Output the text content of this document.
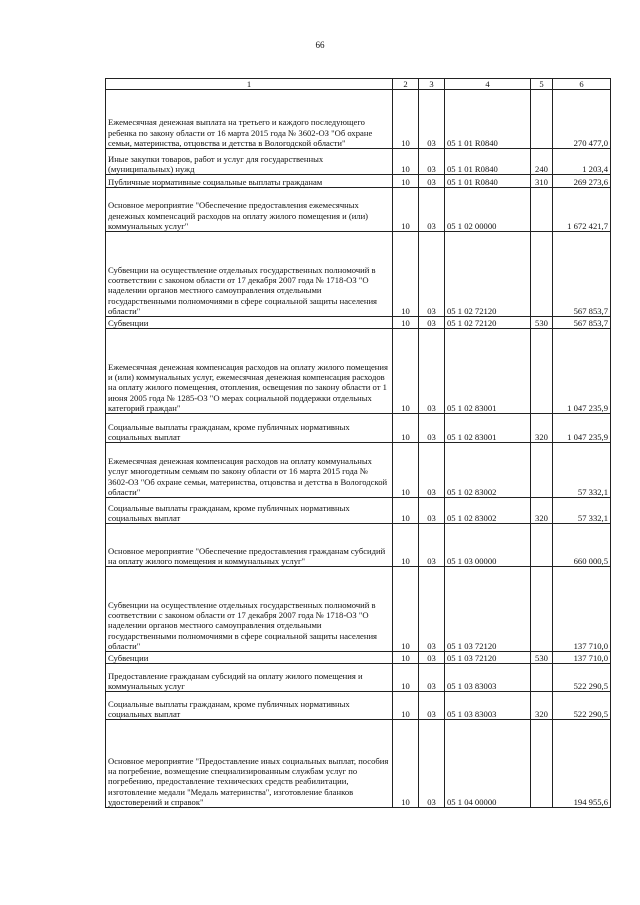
66
1	2	3	4	5	6
Ежемесячная денежная выплата на третьего и каждого последующего ребенка по закону области от 16 марта 2015 года № 3602-ОЗ "Об охране семьи, материнства, отцовства и детства в Вологодской области"	10	03	05 1 01 R0840		270 477,0
Иные закупки товаров, работ и услуг для государственных (муниципальных) нужд	10	03	05 1 01 R0840	240	1 203,4
Публичные нормативные социальные выплаты гражданам	10	03	05 1 01 R0840	310	269 273,6
Основное мероприятие "Обеспечение предоставления ежемесячных денежных компенсаций расходов на оплату жилого помещения и (или) коммунальных услуг"	10	03	05 1 02 00000		1 672 421,7
Субвенции на осуществление отдельных государственных полномочий в соответствии с законом области от 17 декабря 2007 года № 1718-ОЗ "О наделении органов местного самоуправления отдельными государственными полномочиями в сфере социальной защиты населения области"	10	03	05 1 02 72120		567 853,7
Субвенции	10	03	05 1 02 72120	530	567 853,7
Ежемесячная денежная компенсация расходов на оплату жилого помещения и (или) коммунальных услуг, ежемесячная денежная компенсация расходов на оплату жилого помещения, отопления, освещения по закону области от 1 июня 2005 года № 1285-ОЗ "О мерах социальной поддержки отдельных категорий граждан"	10	03	05 1 02 83001		1 047 235,9
Социальные выплаты гражданам, кроме публичных нормативных социальных выплат	10	03	05 1 02 83001	320	1 047 235,9
Ежемесячная денежная компенсация расходов на оплату коммунальных услуг многодетным семьям по закону области от 16 марта 2015 года № 3602-ОЗ "Об охране семьи, материнства, отцовства и детства в Вологодской области"	10	03	05 1 02 83002		57 332,1
Социальные выплаты гражданам, кроме публичных нормативных социальных выплат	10	03	05 1 02 83002	320	57 332,1
Основное мероприятие "Обеспечение предоставления гражданам субсидий на оплату жилого помещения и коммунальных услуг"	10	03	05 1 03 00000		660 000,5
Субвенции на осуществление отдельных государственных полномочий в соответствии с законом области от 17 декабря 2007 года № 1718-ОЗ "О наделении органов местного самоуправления отдельными государственными полномочиями в сфере социальной защиты населения области"	10	03	05 1 03 72120		137 710,0
Субвенции	10	03	05 1 03 72120	530	137 710,0
Предоставление гражданам субсидий на оплату жилого помещения и коммунальных услуг	10	03	05 1 03 83003		522 290,5
Социальные выплаты гражданам, кроме публичных нормативных социальных выплат	10	03	05 1 03 83003	320	522 290,5
Основное мероприятие "Предоставление иных социальных выплат, пособия на погребение, возмещение специализированным службам услуг по погребению, предоставление технических средств реабилитации, изготовление медали "Медаль материнства", изготовление бланков удостоверений и справок"	10	03	05 1 04 00000		194 955,6
